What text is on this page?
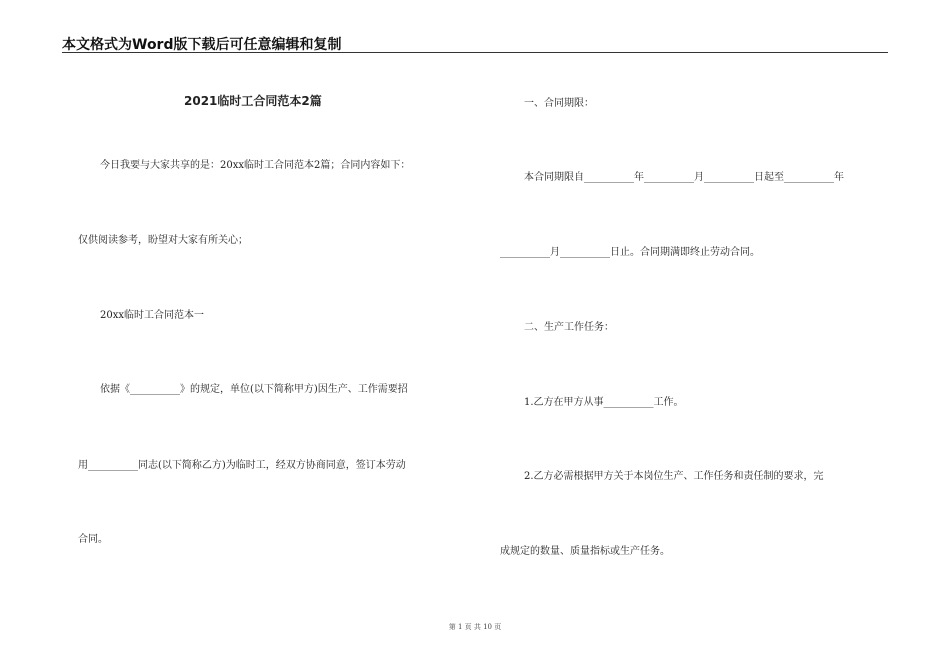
本文格式为Word版下载后可任意编辑和复制
2021临时工合同范本2篇
今日我要与大家共享的是：20xx临时工合同范本2篇；合同内容如下：
仅供阅读参考，盼望对大家有所关心；
20xx临时工合同范本一
依据《__________》的规定，单位(以下简称甲方)因生产、工作需要招
用__________同志(以下简称乙方)为临时工，经双方协商同意，签订本劳动
合同。
一、合同期限：
本合同期限自__________年__________月__________日起至__________年
__________月__________日止。合同期满即终止劳动合同。
二、生产工作任务：
1.乙方在甲方从事__________工作。
2.乙方必需根据甲方关于本岗位生产、工作任务和责任制的要求，完
成规定的数量、质量指标或生产任务。
第 1 页 共 10 页
